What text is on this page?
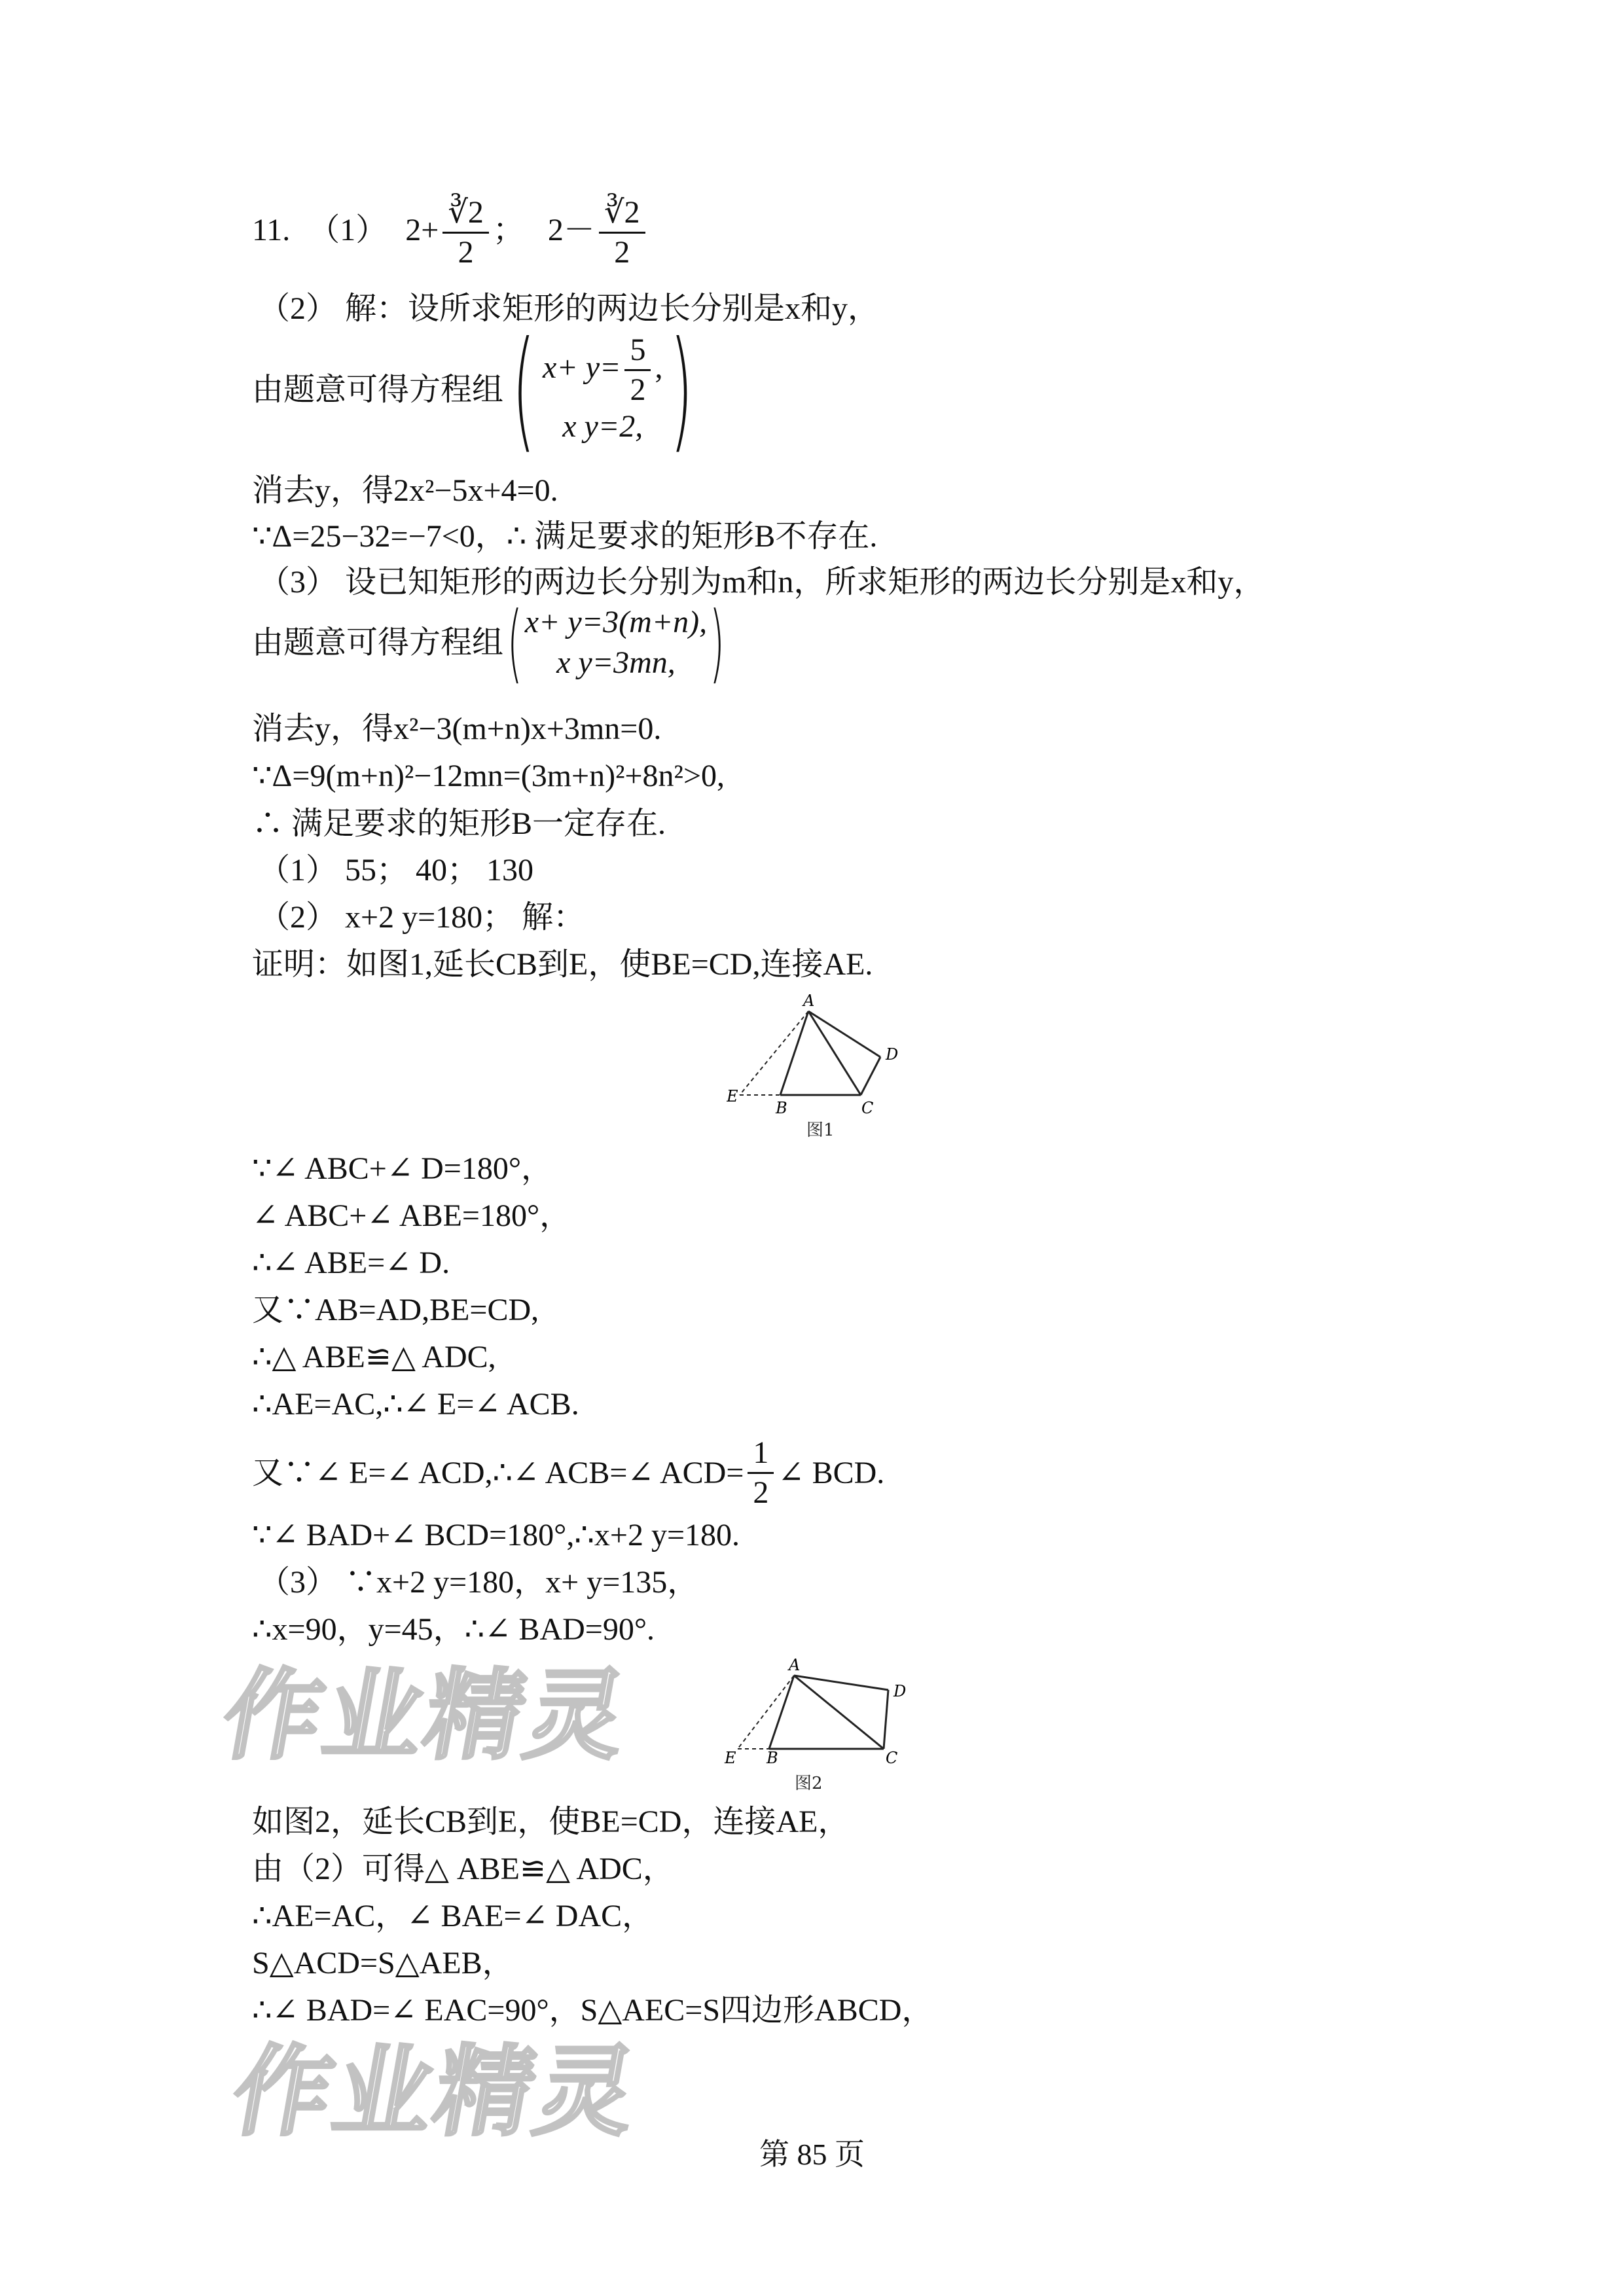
11. （1） $2+ \frac{∛2}{2}$ ； $2- \frac{∛2}{2}$
（2） 解：设所求矩形的两边长分别是x和y，
由题意可得方程组 ( $x+ y= \frac{5}{2}$ ,
x y=2, )
消去y，得2x²−5x+4=0.
∵Δ=25−32=−7<0，∴ 满足要求的矩形B不存在.
（3） 设已知矩形的两边长分别为m和n，所求矩形的两边长分别是x和y，
由题意可得方程组 ( x+ y=3(m+n),
x y=3mn, )
消去y，得x²−3(m+n)x+3mn=0.
∵Δ=9(m+n)²−12mn=(3m+n)²+8n²>0,
∴ 满足要求的矩形B一定存在.
（1） 55； 40； 130
（2） x+2 y=180； 解：
证明：如图1,延长CB到E，使BE=CD,连接AE.
A
D
E
B	C
图1
∵∠ ABC+∠ D=180°，
∠ ABC+∠ ABE=180°，
∴∠ ABE=∠ D.
又∵AB=AD,BE=CD,
∴△ ABE≌△ ADC,
∴AE=AC,∴∠ E=∠ ACB.
又∵∠ E=∠ ACD,∴∠ ACB=∠ $ACD= \frac{1}{2}$ ∠ BCD.
∵∠ BAD+∠ BCD=180°,∴x+2 y=180.
（3） ∵x+2 y=180，x+ y=135，
∴x=90，y=45，∴∠ BAD=90°.
A
D
E B	C
图2
如图2，延长CB到E，使BE=CD，连接AE，
由（2）可得△ ABE≌△ ADC，
∴AE=AC，∠ BAE=∠ DAC，
S△ACD=S△AEB，
∴∠ BAD=∠ EAC=90°，S△AEC=S四边形ABCD，
作业精灵
作业精灵
第 85 页
